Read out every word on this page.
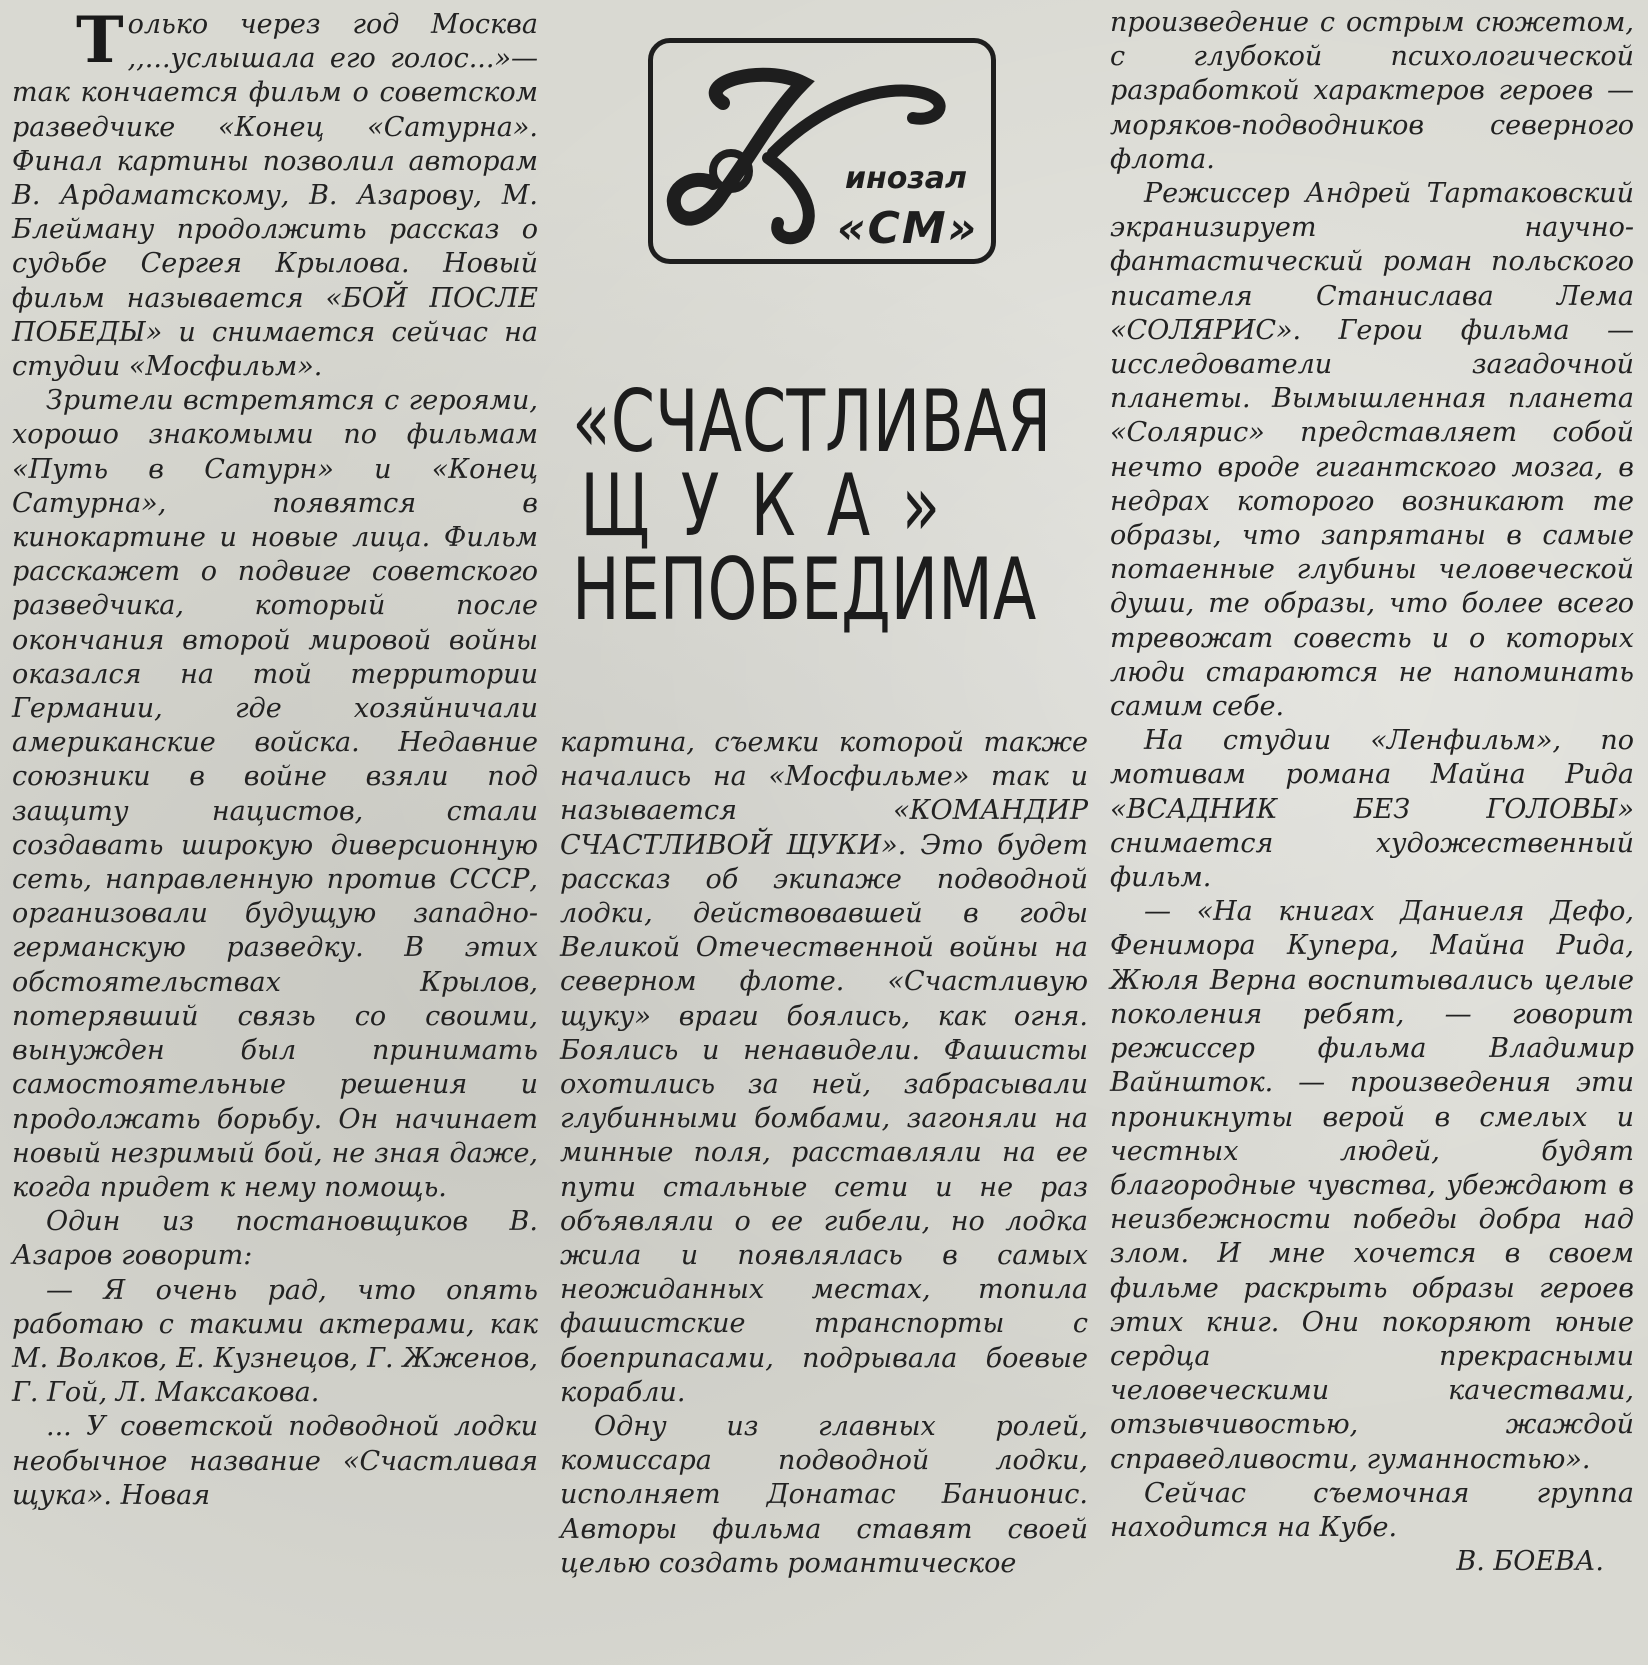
Только через год Москва ,,...услышала его голос...»— так кончается фильм о советском разведчике «Конец «Сатурна». Финал картины позволил авторам В. Ардаматскому, В. Азарову, М. Блейману продолжить рассказ о судьбе Сергея Крылова. Новый фильм называется «БОЙ ПОСЛЕ ПОБЕДЫ» и снимается сейчас на студии «Мосфильм».

Зрители встретятся с героями, хорошо знакомыми по фильмам «Путь в Сатурн» и «Конец Сатурна», появятся в кинокартине и новые лица. Фильм расскажет о подвиге советского разведчика, который после окончания второй мировой войны оказался на той территории Германии, где хозяйничали американские войска. Недавние союзники в войне взяли под защиту нацистов, стали создавать широкую диверсионную сеть, направленную против СССР, организовали будущую западно-германскую разведку. В этих обстоятельствах Крылов, потерявший связь со своими, вынужден был принимать самостоятельные решения и продолжать борьбу. Он начинает новый незримый бой, не зная даже, когда придет к нему помощь.

Один из постановщиков В. Азаров говорит:

— Я очень рад, что опять работаю с такими актерами, как М. Волков, Е. Кузнецов, Г. Жженов, Г. Гой, Л. Максакова.

... У советской подводной лодки необычное название «Счастливая щука». Новая

инозал
«СМ»
«СЧАСТЛИВАЯ
ЩУКА»
НЕПОБЕДИМА

картина, съемки которой также начались на «Мосфильме» так и называется «КОМАНДИР СЧАСТЛИВОЙ ЩУКИ». Это будет рассказ об экипаже подводной лодки, действовавшей в годы Великой Отечественной войны на северном флоте. «Счастливую щуку» враги боялись, как огня. Боялись и ненавидели. Фашисты охотились за ней, забрасывали глубинными бомбами, загоняли на минные поля, расставляли на ее пути стальные сети и не раз объявляли о ее гибели, но лодка жила и появлялась в самых неожиданных местах, топила фашистские транспорты с боеприпасами, подрывала боевые корабли.

Одну из главных ролей, комиссара подводной лодки, исполняет Донатас Банионис. Авторы фильма ставят своей целью создать романтическое

произведение с острым сюжетом, с глубокой психологической разработкой характеров героев — моряков-подводников северного флота.

Режиссер Андрей Тартаковский экранизирует научно-фантастический роман польского писателя Станислава Лема «СОЛЯРИС». Герои фильма — исследователи загадочной планеты. Вымышленная планета «Солярис» представляет собой нечто вроде гигантского мозга, в недрах которого возникают те образы, что запрятаны в самые потаенные глубины человеческой души, те образы, что более всего тревожат совесть и о которых люди стараются не напоминать самим себе.

На студии «Ленфильм», по мотивам романа Майна Рида «ВСАДНИК БЕЗ ГОЛОВЫ» снимается художественный фильм.

— «На книгах Даниеля Дефо, Фенимора Купера, Майна Рида, Жюля Верна воспитывались целые поколения ребят, — говорит режиссер фильма Владимир Вайншток. — произведения эти проникнуты верой в смелых и честных людей, будят благородные чувства, убеждают в неизбежности победы добра над злом. И мне хочется в своем фильме раскрыть образы героев этих книг. Они покоряют юные сердца прекрасными человеческими качествами, отзывчивостью, жаждой справедливости, гуманностью».

Сейчас съемочная группа находится на Кубе.

В. БОЕВА.
